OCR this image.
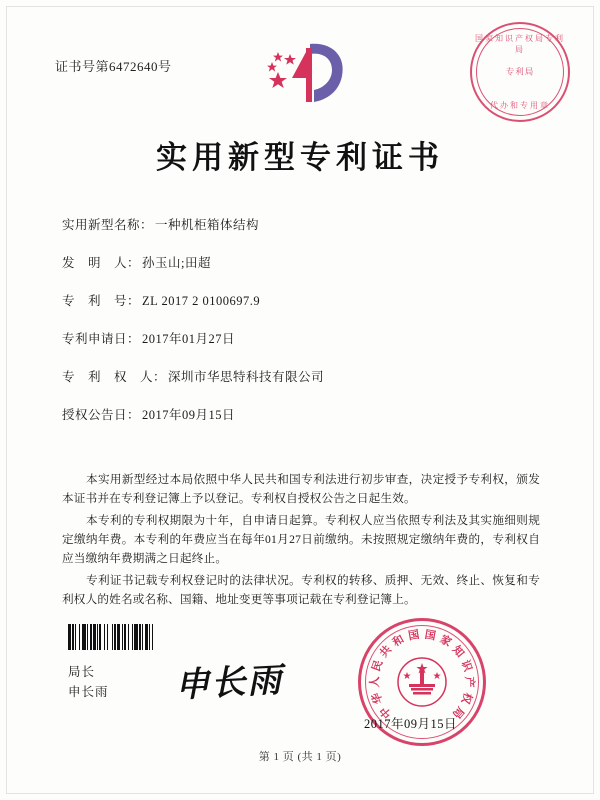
证书号第6472640号
国家知识产权局专利局
专利局
代办和专用章
实用新型专利证书
实用新型名称： 一种机柜箱体结构
发　明　人： 孙玉山;田超
专　利　号： ZL 2017 2 0100697.9
专利申请日： 2017年01月27日
专　利　权　人： 深圳市华思特科技有限公司
授权公告日： 2017年09月15日

本实用新型经过本局依照中华人民共和国专利法进行初步审查，决定授予专利权，颁发本证书并在专利登记簿上予以登记。专利权自授权公告之日起生效。

本专利的专利权期限为十年，自申请日起算。专利权人应当依照专利法及其实施细则规定缴纳年费。本专利的年费应当在每年01月27日前缴纳。未按照规定缴纳年费的，专利权自应当缴纳年费期满之日起终止。

专利证书记载专利权登记时的法律状况。专利权的转移、质押、无效、终止、恢复和专利权人的姓名或名称、国籍、地址变更等事项记载在专利登记簿上。

局长
申长雨 申长雨
中
华
人
民
共
和 国 国 家
知
识
产
权
局
2017年09月15日
第 1 页 (共 1 页)
